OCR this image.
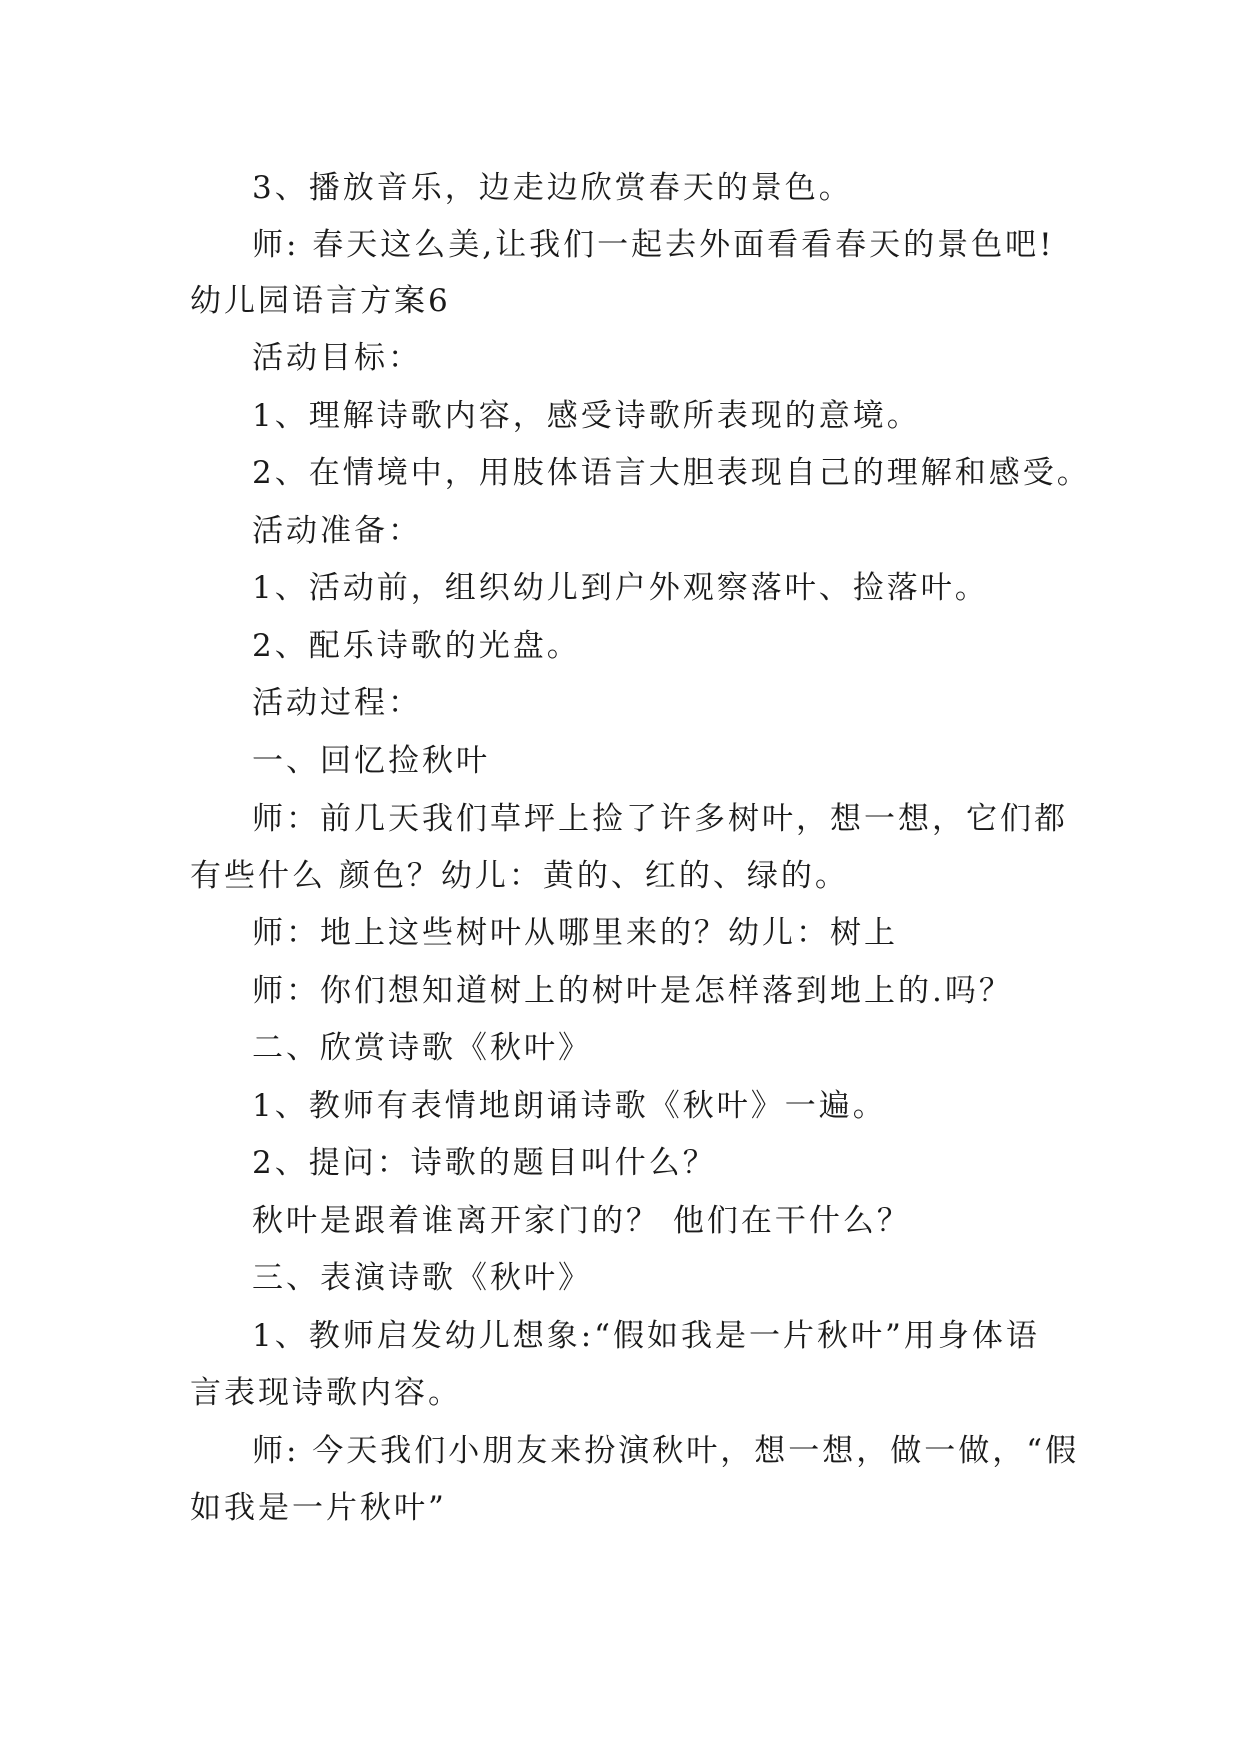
3、播放音乐，边走边欣赏春天的景色。
师: 春天这么美,让我们一起去外面看看春天的景色吧!
幼儿园语言方案6
活动目标：
1、理解诗歌内容，感受诗歌所表现的意境。
2、在情境中，用肢体语言大胆表现自己的理解和感受。
活动准备：
1、活动前，组织幼儿到户外观察落叶、捡落叶。
2、配乐诗歌的光盘。
活动过程：
一、回忆捡秋叶
师：前几天我们草坪上捡了许多树叶，想一想，它们都
有些什么 颜色？幼儿：黄的、红的、绿的。
师：地上这些树叶从哪里来的？幼儿：树上
师：你们想知道树上的树叶是怎样落到地上的.吗？
二、欣赏诗歌《秋叶》
1、教师有表情地朗诵诗歌《秋叶》一遍。
2、提问：诗歌的题目叫什么？
秋叶是跟着谁离开家门的？ 他们在干什么？
三、表演诗歌《秋叶》
1、教师启发幼儿想象:“假如我是一片秋叶”用身体语
言表现诗歌内容。
师: 今天我们小朋友来扮演秋叶，想一想，做一做，“假
如我是一片秋叶”
